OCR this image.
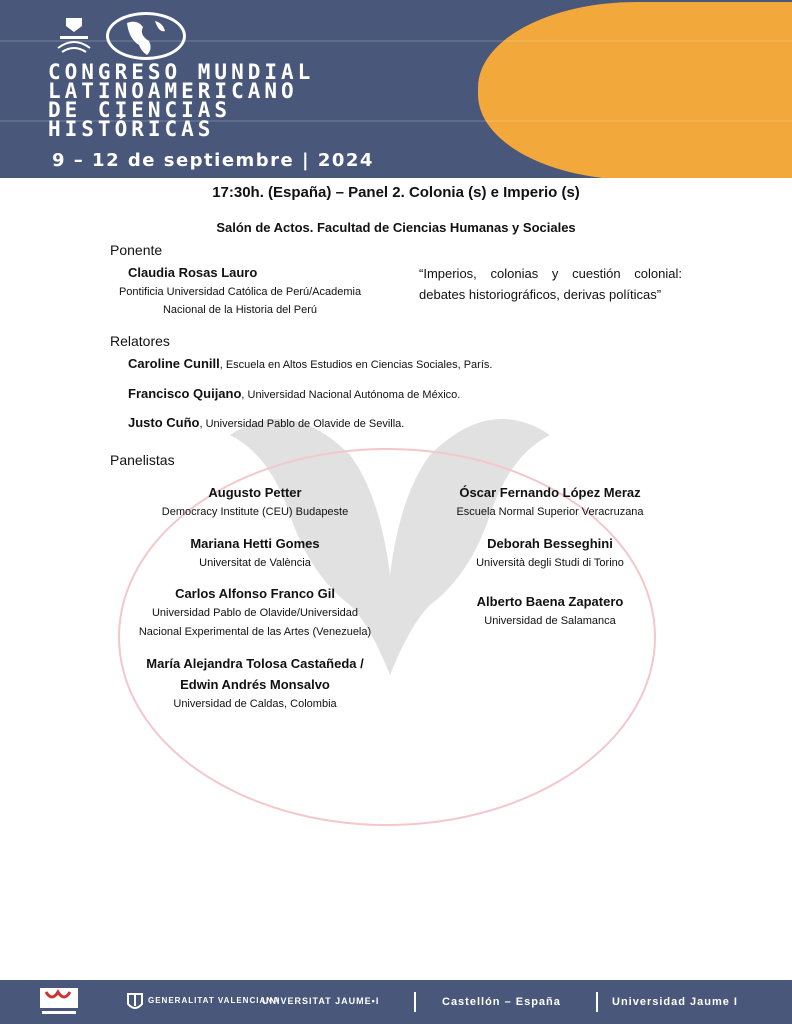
CONGRESO MUNDIAL
LATINOAMERICANO
DE CIENCIAS
HISTÓRICAS
9 – 12 de septiembre | 2024
17:30h. (España) – Panel 2. Colonia (s) e Imperio (s)
Salón de Actos. Facultad de Ciencias Humanas y Sociales
Ponente
Claudia Rosas Lauro
Pontificia Universidad Católica de Perú/Academia
Nacional de la Historia del Perú
“Imperios, colonias y cuestión colonial: debates historiográficos, derivas políticas”
Relatores
Caroline Cunill, Escuela en Altos Estudios en Ciencias Sociales, París.
Francisco Quijano, Universidad Nacional Autónoma de México.
Justo Cuño, Universidad Pablo de Olavide de Sevilla.
Panelistas
Augusto Petter
Democracy Institute (CEU) Budapeste
Mariana Hetti Gomes
Universitat de València
Carlos Alfonso Franco Gil
Universidad Pablo de Olavide/Universidad
Nacional Experimental de las Artes (Venezuela)
María Alejandra Tolosa Castañeda /
Edwin Andrés Monsalvo
Universidad de Caldas, Colombia
Óscar Fernando López Meraz
Escuela Normal Superior Veracruzana
Deborah Besseghini
Università degli Studi di Torino
Alberto Baena Zapatero
Universidad de Salamanca
GENERALITAT VALENCIANA
UNIVERSITAT JAUME•I	Castellón – España	Universidad Jaume I
